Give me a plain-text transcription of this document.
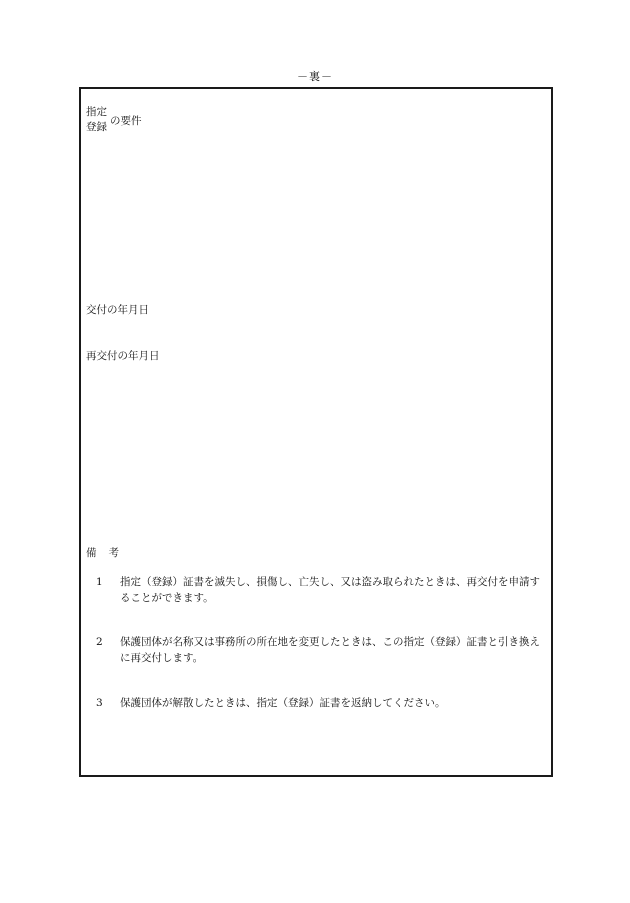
－裏－
指定
登録 の要件
交付の年月日
再交付の年月日
備 考
1	指定（登録）証書を滅失し、損傷し、亡失し、又は盗み取られたときは、再交付を申請することができます。
2	保護団体が名称又は事務所の所在地を変更したときは、この指定（登録）証書と引き換えに再交付します。
3	保護団体が解散したときは、指定（登録）証書を返納してください。
